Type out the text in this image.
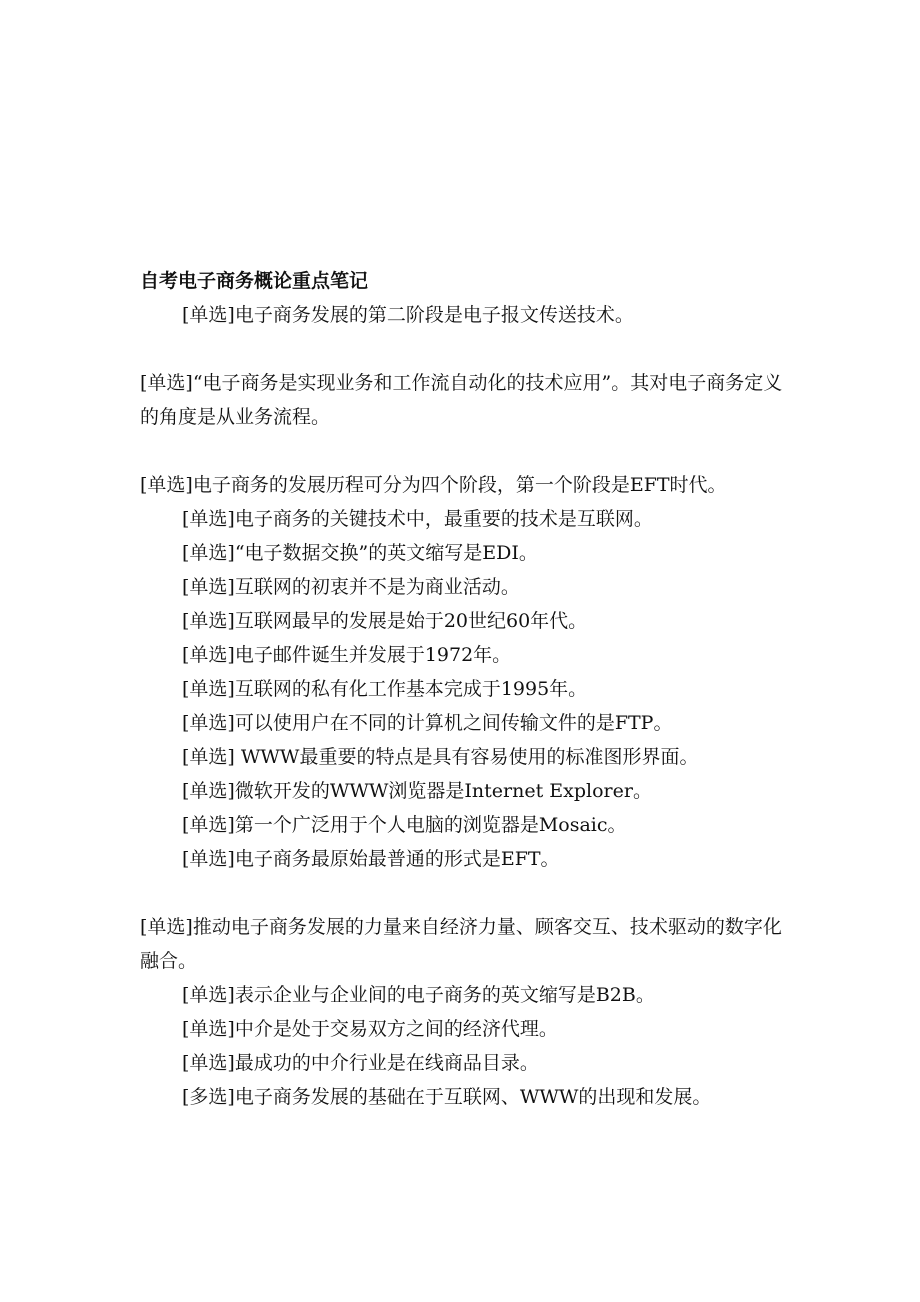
自考电子商务概论重点笔记

[单选]电子商务发展的第二阶段是电子报文传送技术。

[单选]“电子商务是实现业务和工作流自动化的技术应用”。其对电子商务定义的角度是从业务流程。

[单选]电子商务的发展历程可分为四个阶段，第一个阶段是EFT时代。

[单选]电子商务的关键技术中，最重要的技术是互联网。

[单选]“电子数据交换”的英文缩写是EDI。

[单选]互联网的初衷并不是为商业活动。

[单选]互联网最早的发展是始于20世纪60年代。

[单选]电子邮件诞生并发展于1972年。

[单选]互联网的私有化工作基本完成于1995年。

[单选]可以使用户在不同的计算机之间传输文件的是FTP。

[单选] WWW最重要的特点是具有容易使用的标准图形界面。

[单选]微软开发的WWW浏览器是Internet Explorer。

[单选]第一个广泛用于个人电脑的浏览器是Mosaic。

[单选]电子商务最原始最普通的形式是EFT。

[单选]推动电子商务发展的力量来自经济力量、顾客交互、技术驱动的数字化融合。

[单选]表示企业与企业间的电子商务的英文缩写是B2B。

[单选]中介是处于交易双方之间的经济代理。

[单选]最成功的中介行业是在线商品目录。

[多选]电子商务发展的基础在于互联网、WWW的出现和发展。
